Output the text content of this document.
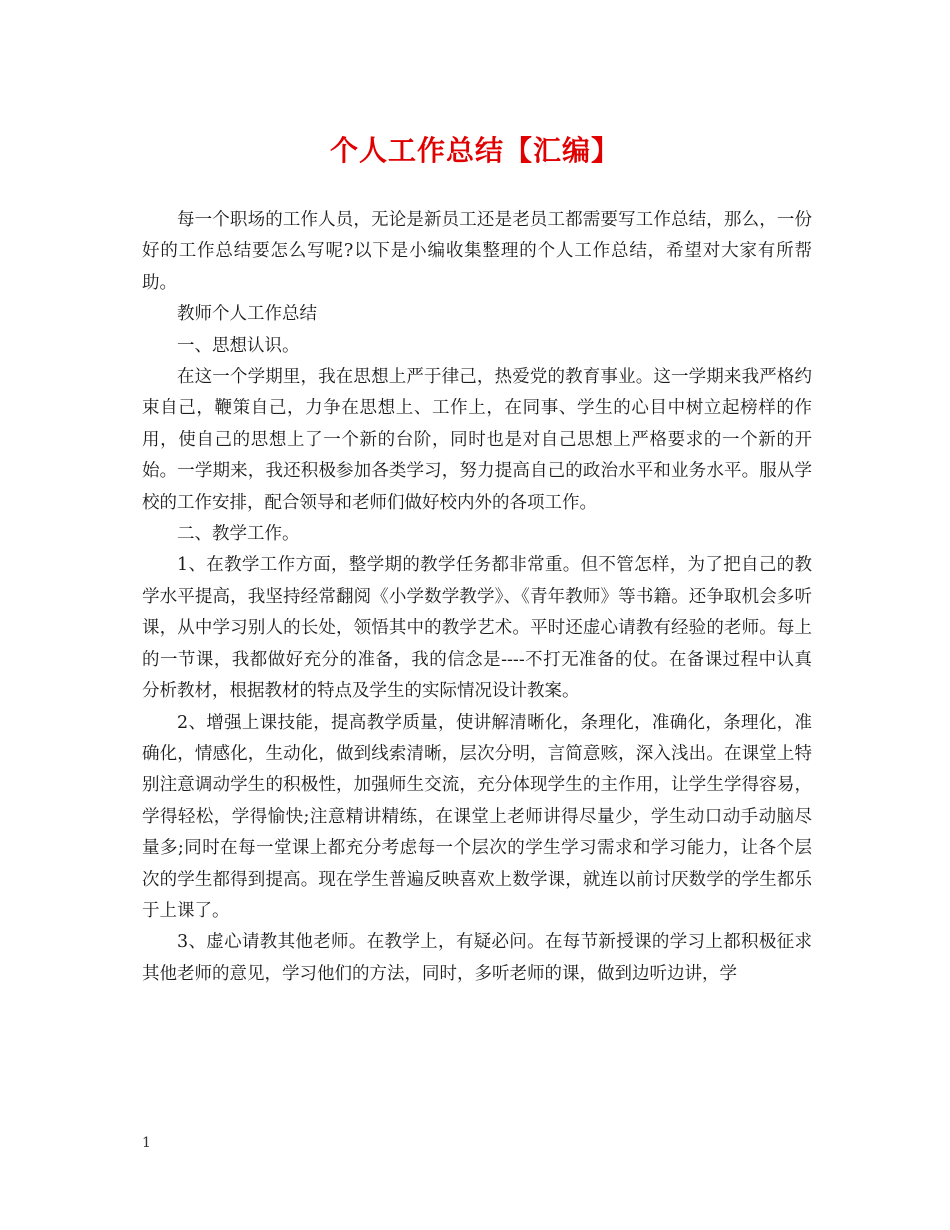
个人工作总结【汇编】

每一个职场的工作人员，无论是新员工还是老员工都需要写工作总结，那么，一份好的工作总结要怎么写呢?以下是小编收集整理的个人工作总结，希望对大家有所帮助。

教师个人工作总结

一、思想认识。

在这一个学期里，我在思想上严于律己，热爱党的教育事业。这一学期来我严格约束自己，鞭策自己，力争在思想上、工作上，在同事、学生的心目中树立起榜样的作用，使自己的思想上了一个新的台阶，同时也是对自己思想上严格要求的一个新的开始。一学期来，我还积极参加各类学习，努力提高自己的政治水平和业务水平。服从学校的工作安排，配合领导和老师们做好校内外的各项工作。

二、教学工作。

1、在教学工作方面，整学期的教学任务都非常重。但不管怎样，为了把自己的教学水平提高，我坚持经常翻阅《小学数学教学》、《青年教师》等书籍。还争取机会多听课，从中学习别人的长处，领悟其中的教学艺术。平时还虚心请教有经验的老师。每上的一节课，我都做好充分的准备，我的信念是----不打无准备的仗。在备课过程中认真分析教材，根据教材的特点及学生的实际情况设计教案。

2、增强上课技能，提高教学质量，使讲解清晰化，条理化，准确化，条理化，准确化，情感化，生动化，做到线索清晰，层次分明，言简意赅，深入浅出。在课堂上特别注意调动学生的积极性，加强师生交流，充分体现学生的主作用，让学生学得容易，学得轻松，学得愉快;注意精讲精练，在课堂上老师讲得尽量少，学生动口动手动脑尽量多;同时在每一堂课上都充分考虑每一个层次的学生学习需求和学习能力，让各个层次的学生都得到提高。现在学生普遍反映喜欢上数学课，就连以前讨厌数学的学生都乐于上课了。

3、虚心请教其他老师。在教学上，有疑必问。在每节新授课的学习上都积极征求其他老师的意见，学习他们的方法，同时，多听老师的课，做到边听边讲，学

1
